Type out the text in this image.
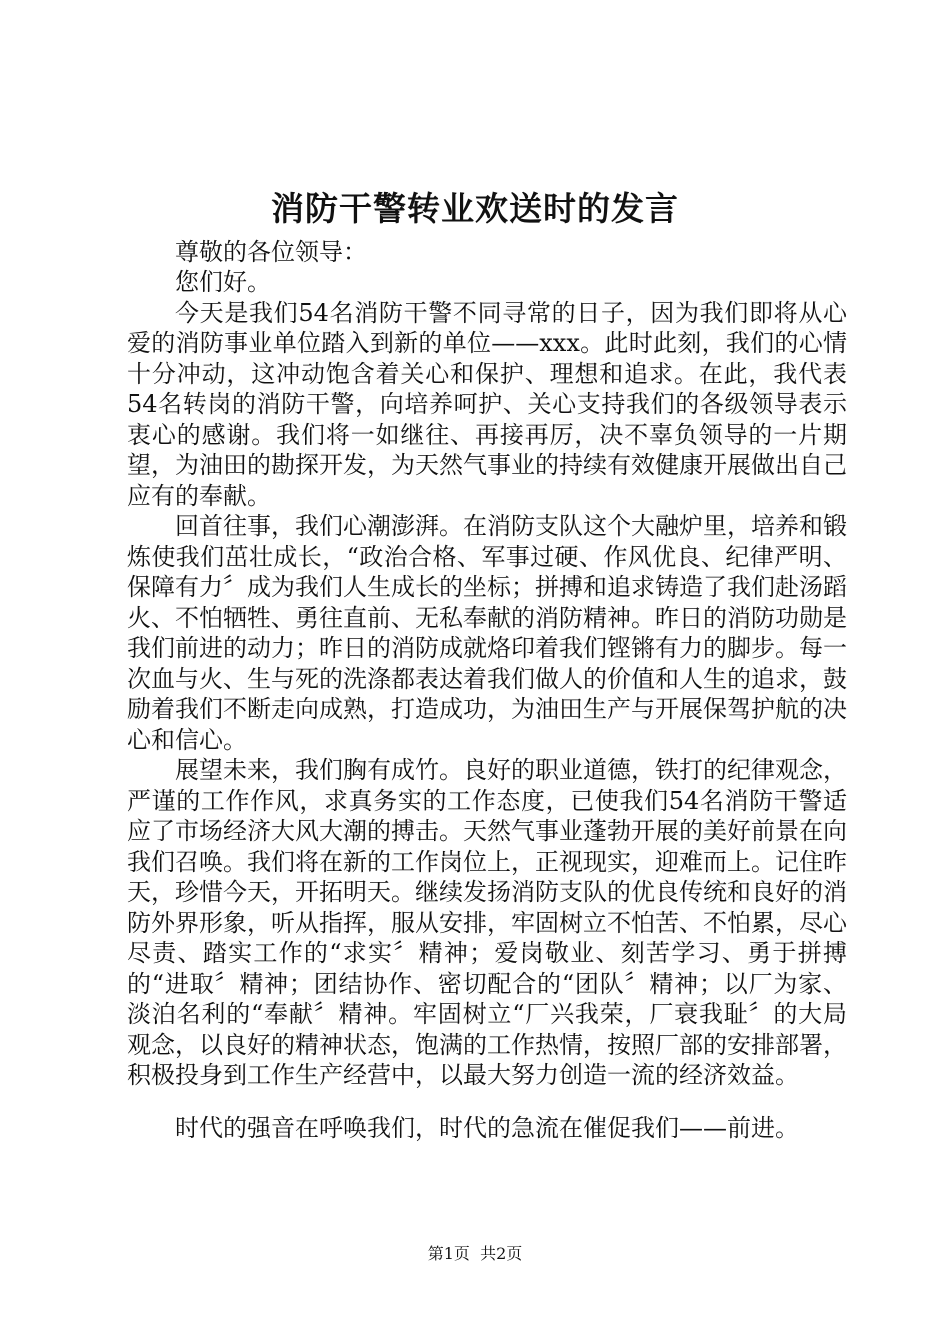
消防干警转业欢送时的发言

尊敬的各位领导：

您们好。

今天是我们54名消防干警不同寻常的日子，因为我们即将从心爱的消防事业单位踏入到新的单位——xxx。此时此刻，我们的心情十分冲动，这冲动饱含着关心和保护、理想和追求。在此，我代表54名转岗的消防干警，向培养呵护、关心支持我们的各级领导表示衷心的感谢。我们将一如继往、再接再厉，决不辜负领导的一片期望，为油田的勘探开发，为天然气事业的持续有效健康开展做出自己应有的奉献。

回首往事，我们心潮澎湃。在消防支队这个大融炉里，培养和锻炼使我们茁壮成长，“政治合格、军事过硬、作风优良、纪律严明、保障有力〞成为我们人生成长的坐标；拼搏和追求铸造了我们赴汤蹈火、不怕牺牲、勇往直前、无私奉献的消防精神。昨日的消防功勋是我们前进的动力；昨日的消防成就烙印着我们铿锵有力的脚步。每一次血与火、生与死的洗涤都表达着我们做人的价值和人生的追求，鼓励着我们不断走向成熟，打造成功，为油田生产与开展保驾护航的决心和信心。

展望未来，我们胸有成竹。良好的职业道德，铁打的纪律观念，严谨的工作作风，求真务实的工作态度，已使我们54名消防干警适应了市场经济大风大潮的搏击。天然气事业蓬勃开展的美好前景在向我们召唤。我们将在新的工作岗位上，正视现实，迎难而上。记住昨天，珍惜今天，开拓明天。继续发扬消防支队的优良传统和良好的消防外界形象，听从指挥，服从安排，牢固树立不怕苦、不怕累，尽心尽责、踏实工作的“求实〞精神；爱岗敬业、刻苦学习、勇于拼搏的“进取〞精神；团结协作、密切配合的“团队〞精神；以厂为家、淡泊名利的“奉献〞精神。牢固树立“厂兴我荣，厂衰我耻〞的大局观念，以良好的精神状态，饱满的工作热情，按照厂部的安排部署，积极投身到工作生产经营中，以最大努力创造一流的经济效益。

时代的强音在呼唤我们，时代的急流在催促我们——前进。

第1页  共2页
